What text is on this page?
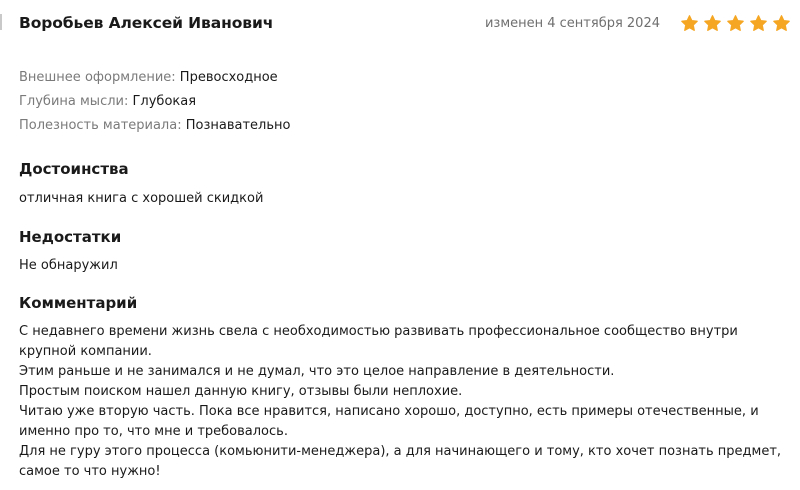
Воробьев Алексей Иванович	изменен 4 сентября 2024
Внешнее оформление: Превосходное
Глубина мысли: Глубокая
Полезность материала: Познавательно
Достоинства
отличная книга с хорошей скидкой
Недостатки
Не обнаружил
Комментарий
С недавнего времени жизнь свела с необходимостью развивать профессиональное сообщество внутри
крупной компании.
Этим раньше и не занимался и не думал, что это целое направление в деятельности.
Простым поиском нашел данную книгу, отзывы были неплохие.
Читаю уже вторую часть. Пока все нравится, написано хорошо, доступно, есть примеры отечественные, и
именно про то, что мне и требовалось.
Для не гуру этого процесса (комьюнити-менеджера), а для начинающего и тому, кто хочет познать предмет,
самое то что нужно!
